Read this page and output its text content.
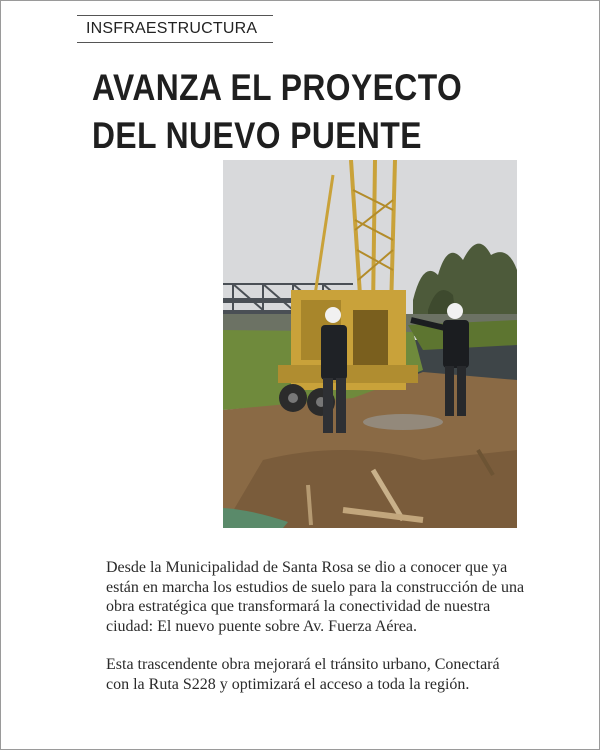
INSFRAESTRUCTURA
AVANZA EL PROYECTO
DEL NUEVO PUENTE

Desde la Municipalidad de Santa Rosa se dio a conocer que ya están en marcha los estudios de suelo para la construcción de una obra estratégica que transformará la conectividad de nuestra ciudad: El nuevo puente sobre Av. Fuerza Aérea.

Esta trascendente obra mejorará el tránsito urbano, Conectará con la Ruta S228 y optimizará el acceso a toda la región.
